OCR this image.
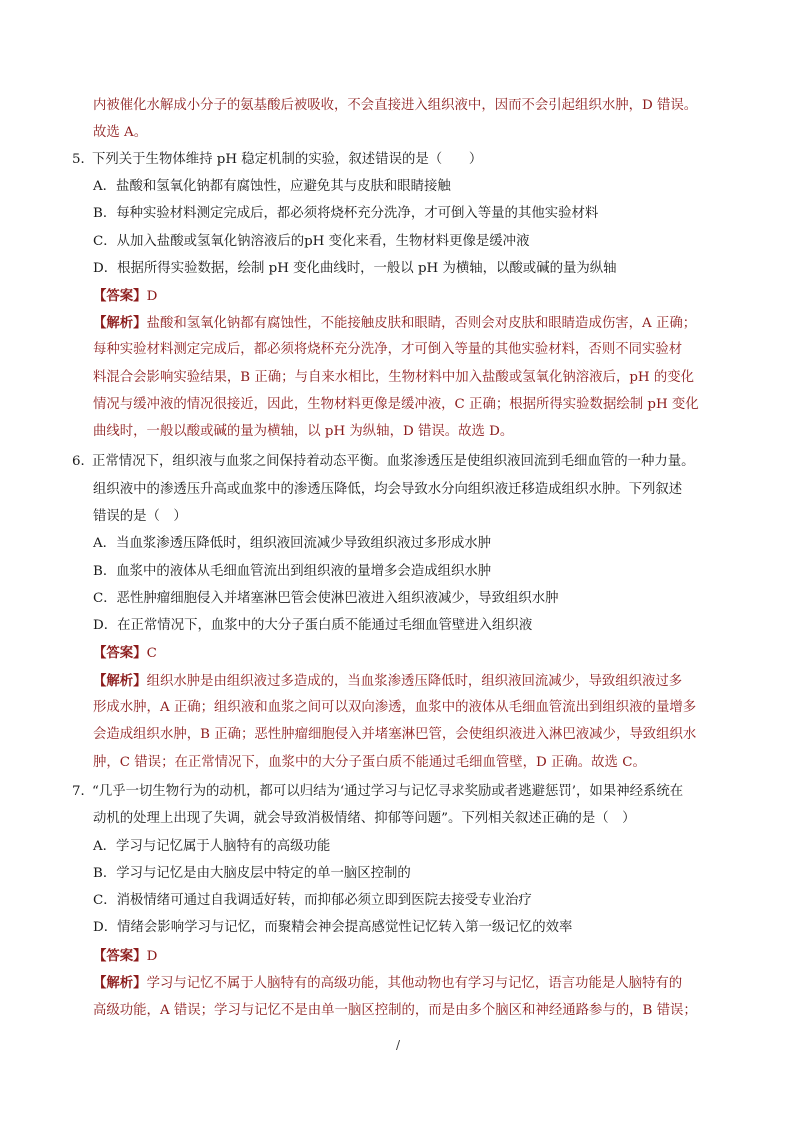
内被催化水解成小分子的氨基酸后被吸收，不会直接进入组织液中，因而不会引起组织水肿，D 错误。
故选 A。
5．下列关于生物体维持 pH 稳定机制的实验，叙述错误的是（　　）
A．盐酸和氢氧化钠都有腐蚀性，应避免其与皮肤和眼睛接触
B．每种实验材料测定完成后，都必须将烧杯充分洗净，才可倒入等量的其他实验材料
C．从加入盐酸或氢氧化钠溶液后的pH 变化来看，生物材料更像是缓冲液
D．根据所得实验数据，绘制 pH 变化曲线时，一般以 pH 为横轴，以酸或碱的量为纵轴
【答案】D
【解析】盐酸和氢氧化钠都有腐蚀性，不能接触皮肤和眼睛，否则会对皮肤和眼睛造成伤害，A 正确；
每种实验材料测定完成后，都必须将烧杯充分洗净，才可倒入等量的其他实验材料，否则不同实验材
料混合会影响实验结果，B 正确；与自来水相比，生物材料中加入盐酸或氢氧化钠溶液后，pH 的变化
情况与缓冲液的情况很接近，因此，生物材料更像是缓冲液，C 正确；根据所得实验数据绘制 pH 变化
曲线时，一般以酸或碱的量为横轴，以 pH 为纵轴，D 错误。故选 D。
6．正常情况下，组织液与血浆之间保持着动态平衡。血浆渗透压是使组织液回流到毛细血管的一种力量。
组织液中的渗透压升高或血浆中的渗透压降低，均会导致水分向组织液迁移造成组织水肿。下列叙述
错误的是（　）
A．当血浆渗透压降低时，组织液回流减少导致组织液过多形成水肿
B．血浆中的液体从毛细血管流出到组织液的量增多会造成组织水肿
C．恶性肿瘤细胞侵入并堵塞淋巴管会使淋巴液进入组织液减少，导致组织水肿
D．在正常情况下，血浆中的大分子蛋白质不能通过毛细血管壁进入组织液
【答案】C
【解析】组织水肿是由组织液过多造成的，当血浆渗透压降低时，组织液回流减少，导致组织液过多
形成水肿，A 正确；组织液和血浆之间可以双向渗透，血浆中的液体从毛细血管流出到组织液的量增多
会造成组织水肿，B 正确；恶性肿瘤细胞侵入并堵塞淋巴管，会使组织液进入淋巴液减少，导致组织水
肿，C 错误；在正常情况下，血浆中的大分子蛋白质不能通过毛细血管壁，D 正确。故选 C。
7．“几乎一切生物行为的动机，都可以归结为‘通过学习与记忆寻求奖励或者逃避惩罚’，如果神经系统在
动机的处理上出现了失调，就会导致消极情绪、抑郁等问题”。下列相关叙述正确的是（　）
A．学习与记忆属于人脑特有的高级功能
B．学习与记忆是由大脑皮层中特定的单一脑区控制的
C．消极情绪可通过自我调适好转，而抑郁必须立即到医院去接受专业治疗
D．情绪会影响学习与记忆，而聚精会神会提高感觉性记忆转入第一级记忆的效率
【答案】D
【解析】学习与记忆不属于人脑特有的高级功能，其他动物也有学习与记忆，语言功能是人脑特有的
高级功能，A 错误；学习与记忆不是由单一脑区控制的，而是由多个脑区和神经通路参与的，B 错误；
/
